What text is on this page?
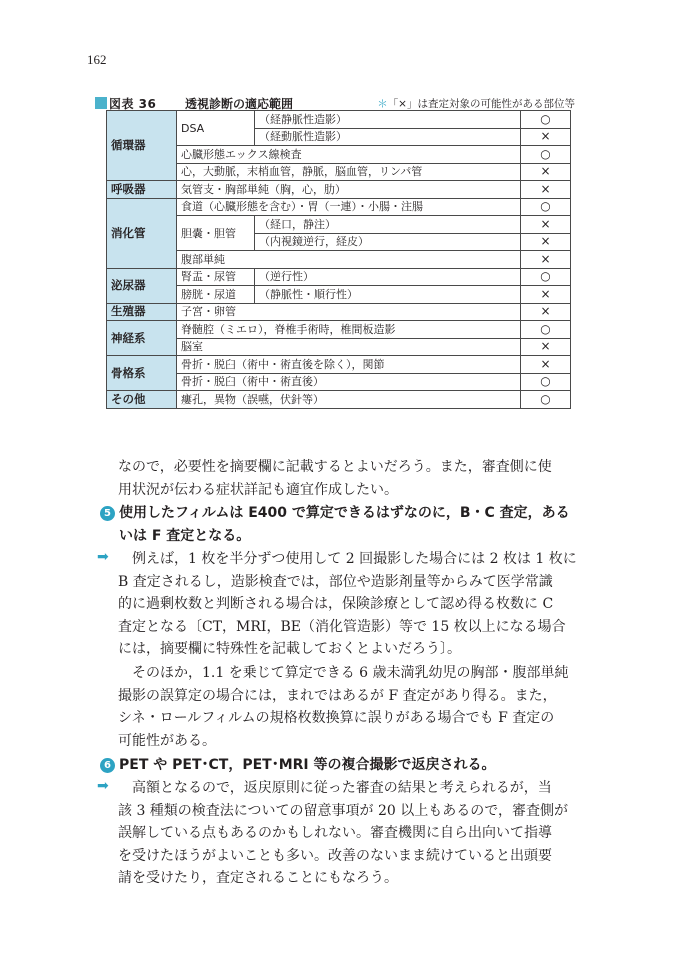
162
図表 36 透視診断の適応範囲	＊「×」は査定対象の可能性がある部位等
循環器	DSA	（経静脈性造影）	○
		（経動脈性造影）	×
	心臓形態エックス線検査		○
	心，大動脈，末梢血管，静脈，脳血管，リンパ管		×
呼吸器	気管支・胸部単純（胸，心，肋）		×
消化管	食道（心臓形態を含む）・胃（一連）・小腸・注腸		○
	胆嚢・胆管	（経口，静注）	×
		（内視鏡逆行，経皮）	×
	腹部単純		×
泌尿器	腎盂・尿管	（逆行性）	○
	膀胱・尿道	（静脈性・順行性）	×
生殖器	子宮・卵管		×
神経系	脊髄腔（ミエロ），脊椎手術時，椎間板造影		○
	脳室		×
骨格系	骨折・脱臼（術中・術直後を除く），関節		×
	骨折・脱臼（術中・術直後）		○
その他	瘻孔，異物（誤嚥，伏針等）		○
なので，必要性を摘要欄に記載するとよいだろう。また，審査側に使
用状況が伝わる症状詳記も適宜作成したい。
5 使用したフィルムは E400 で算定できるはずなのに，B・C 査定，ある
いは F 査定となる。
➡	例えば，1 枚を半分ずつ使用して 2 回撮影した場合には 2 枚は 1 枚に
B 査定されるし，造影検査では，部位や造影剤量等からみて医学常識
的に過剰枚数と判断される場合は，保険診療として認め得る枚数に C
査定となる〔CT，MRI，BE（消化管造影）等で 15 枚以上になる場合
には，摘要欄に特殊性を記載しておくとよいだろう〕。
そのほか，1.1 を乗じて算定できる 6 歳未満乳幼児の胸部・腹部単純
撮影の誤算定の場合には，まれではあるが F 査定があり得る。また，
シネ・ロールフィルムの規格枚数換算に誤りがある場合でも F 査定の
可能性がある。
6 PET や PET･CT，PET･MRI 等の複合撮影で返戻される。
➡	高額となるので，返戻原則に従った審査の結果と考えられるが，当
該 3 種類の検査法についての留意事項が 20 以上もあるので，審査側が
誤解している点もあるのかもしれない。審査機関に自ら出向いて指導
を受けたほうがよいことも多い。改善のないまま続けていると出頭要
請を受けたり，査定されることにもなろう。
